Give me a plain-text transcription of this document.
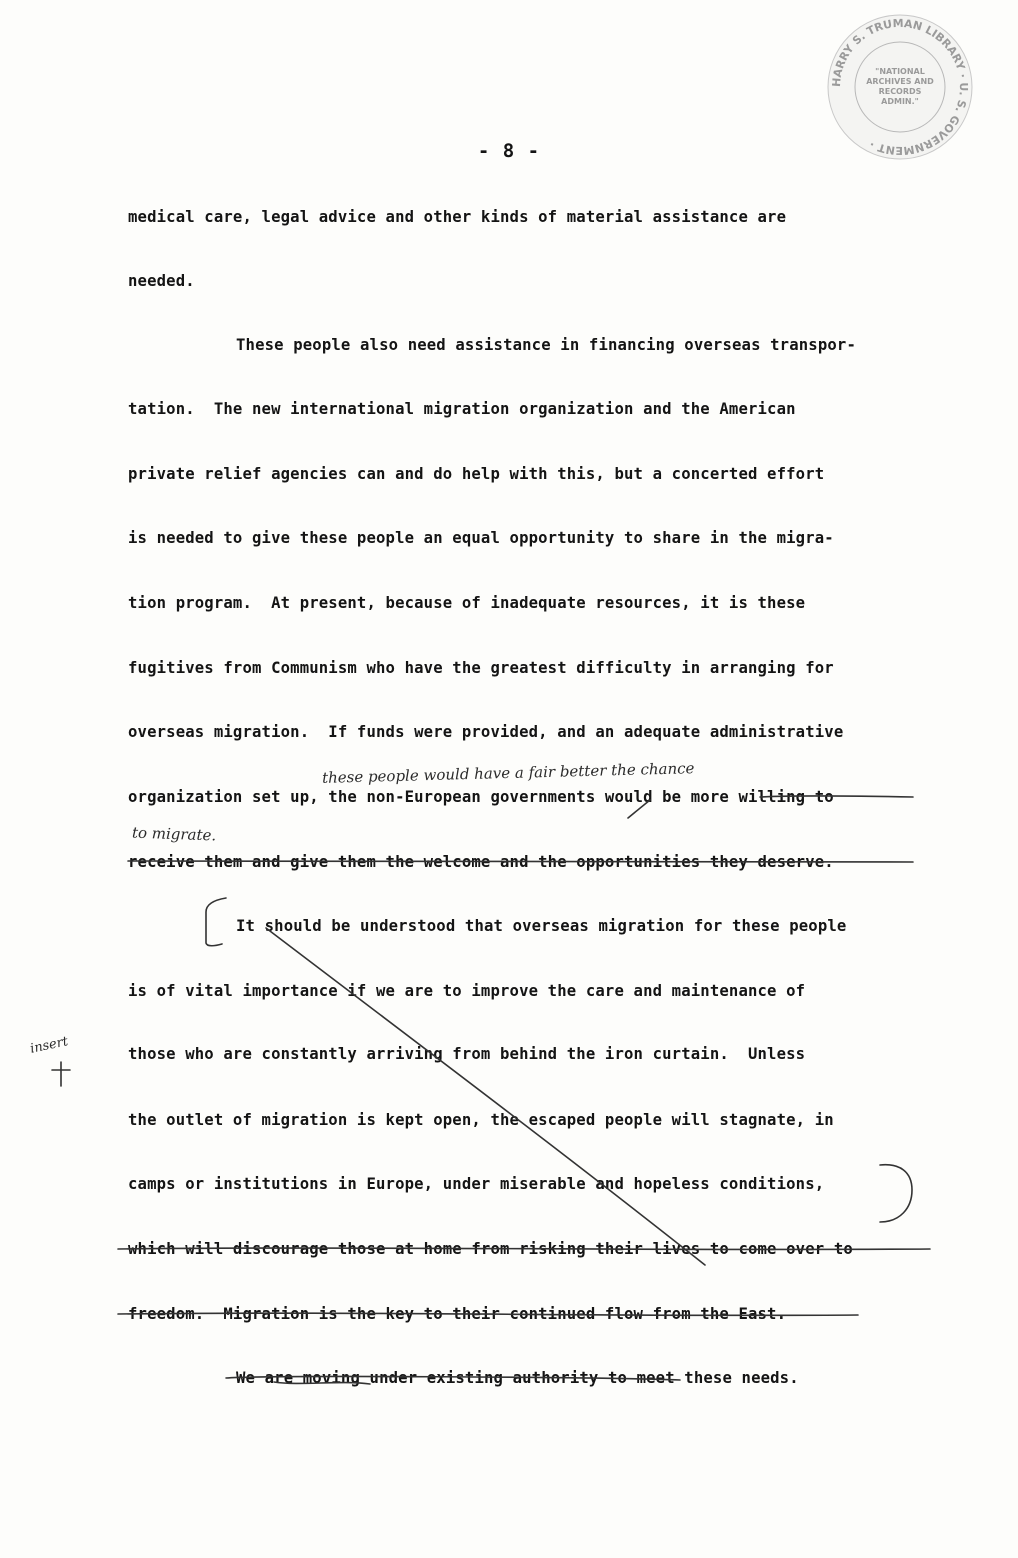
HARRY S. TRUMAN LIBRARY · U. S. GOVERNMENT ·
"NATIONAL
ARCHIVES AND
RECORDS
ADMIN."
- 8 -
medical care, legal advice and other kinds of material assistance are
needed.
These people also need assistance in financing overseas transpor-
tation.  The new international migration organization and the American
private relief agencies can and do help with this, but a concerted effort
is needed to give these people an equal opportunity to share in the migra-
tion program.  At present, because of inadequate resources, it is these
fugitives from Communism who have the greatest difficulty in arranging for
overseas migration.  If funds were provided, and an adequate administrative
organization set up, the non-European governments would be more willing to
receive them and give them the welcome and the opportunities they deserve.
It should be understood that overseas migration for these people
is of vital importance if we are to improve the care and maintenance of
those who are constantly arriving from behind the iron curtain.  Unless
the outlet of migration is kept open, the escaped people will stagnate, in
camps or institutions in Europe, under miserable and hopeless conditions,
which will discourage those at home from risking their lives to come over to
freedom.  Migration is the key to their continued flow from the East.
We are moving under existing authority to meet these needs.
these people would have a fair better the chance
to migrate.
insert
